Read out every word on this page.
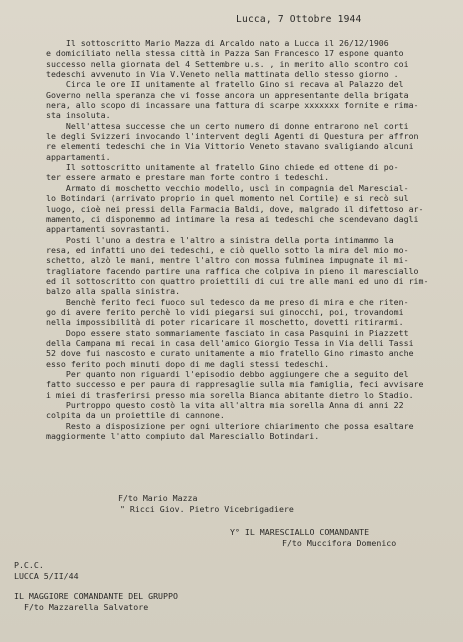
Lucca, 7 Ottobre 1944
Il sottoscritto Mario Mazza di Arcaldo nato a Lucca il 26/12/1906
e domiciliato nella stessa città in Pazza San Francesco 17 espone quanto
successo nella giornata del 4 Settembre u.s. , in merito allo scontro coi
tedeschi avvenuto in Via V.Veneto nella mattinata dello stesso giorno .
Circa le ore II unitamente al fratello Gino si recava al Palazzo del
Governo nella speranza che vi fosse ancora un appresentante della brigata
nera, allo scopo di incassare una fattura di scarpe xxxxxxx fornite e rima-
sta insoluta.
Nell'attesa successe che un certo numero di donne entrarono nel corti
le degli Svizzeri invocando l'intervent degli Agenti di Questura per affron
re elementi tedeschi che in Via Vittorio Veneto stavano svaligiando alcuni
appartamenti.
Il sottoscritto unitamente al fratello Gino chiede ed ottene di po-
ter essere armato e prestare man forte contro i tedeschi.
Armato di moschetto vecchio modello, uscì in compagnia del Marescial-
lo Botindari (arrivato proprio in quel momento nel Cortile) e si recò sul
luogo, cioè nei pressi della Farmacia Baldi, dove, malgrado il difettoso ar-
mamento, ci disponemmo ad intimare la resa ai tedeschi che scendevano dagli
appartamenti sovrastanti.
Posti l'uno a destra e l'altro a sinistra della porta intimammo la
resa, ed infatti uno dei tedeschi, e ciò quello sotto la mira del mio mo-
schetto, alzò le mani, mentre l'altro con mossa fulminea impugnate il mi-
tragliatore facendo partire una raffica che colpiva in pieno il maresciallo
ed il sottoscritto con quattro proiettili di cui tre alle mani ed uno di rim-
balzo alla spalla sinistra.
Benchè ferito feci fuoco sul tedesco da me preso di mira e che riten-
go di avere ferito perchè lo vidi piegarsi sui ginocchi, poi, trovandomi
nella impossibilità di poter ricaricare il moschetto, dovetti ritirarmi.
Dopo essere stato sommariamente fasciato in casa Pasquini in Piazzett
della Campana mi recai in casa dell'amico Giorgio Tessa in Via delli Tassi
52 dove fui nascosto e curato unitamente a mio fratello Gino rimasto anche
esso ferito poch minuti dopo di me dagli stessi tedeschi.
Per quanto non riguardi l'episodio debbo aggiungere che a seguito del
fatto successo e per paura di rappresaglie sulla mia famiglia, feci avvisare
i miei di trasferirsi presso mia sorella Bianca abitante dietro lo Stadio.
Purtroppo questo costò la vita all'altra mia sorella Anna di anni 22
colpita da un proiettile di cannone.
Resto a disposizione per ogni ulteriore chiarimento che possa esaltare
maggiormente l'atto compiuto dal Maresciallo Botindari.
F/to Mario Mazza
" Ricci Giov. Pietro Vicebrigadiere
Y° IL MARESCIALLO COMANDANTE
F/to Muccifora Domenico
P.C.C.
LUCCA 5/II/44
IL MAGGIORE COMANDANTE DEL GRUPPO
F/to Mazzarella Salvatore
